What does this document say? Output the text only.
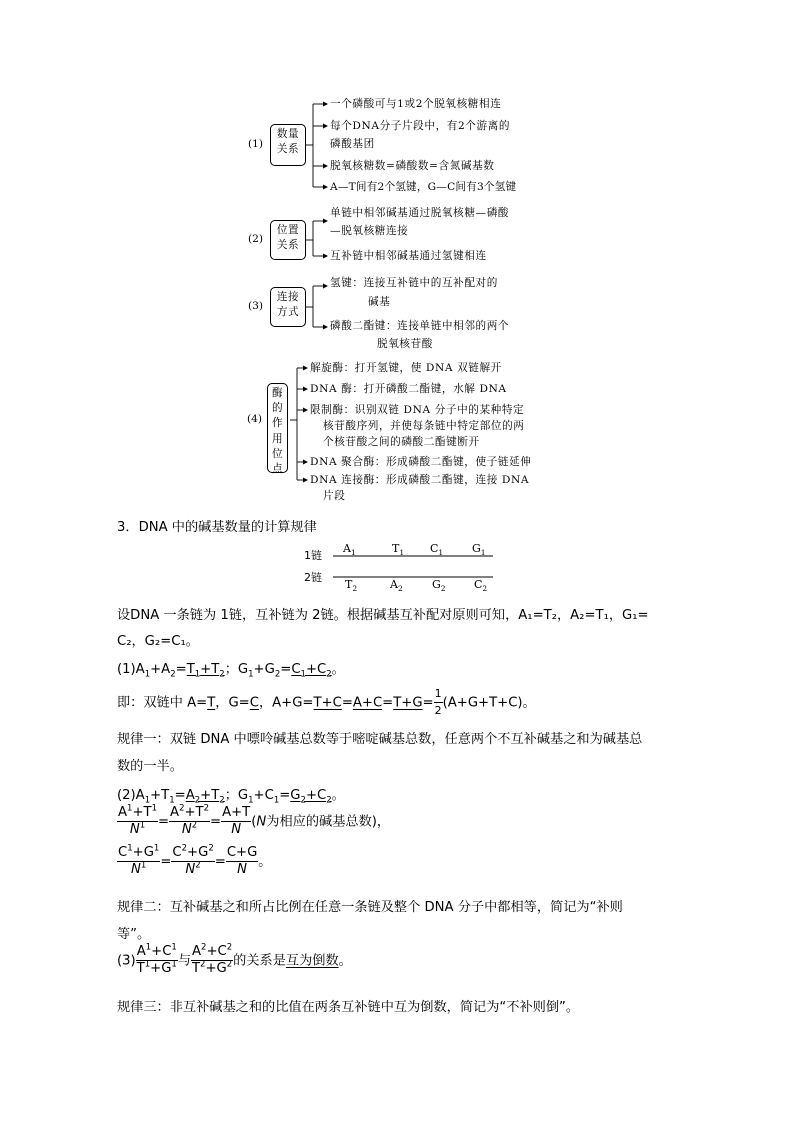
(1)
数量关系
一个磷酸可与1或2个脱氧核糖相连
每个DNA分子片段中，有2个游离的
磷酸基团
脱氧核糖数=磷酸数=含氮碱基数
A—T间有2个氢键，G—C间有3个氢键
(2)
位置关系
单链中相邻碱基通过脱氧核糖—磷酸
—脱氧核糖连接
互补链中相邻碱基通过氢键相连
(3)
连接方式
氢键：连接互补链中的互补配对的
碱基
磷酸二酯键：连接单链中相邻的两个
脱氧核苷酸
(4)
酶的作用位点
解旋酶：打开氢键，使 DNA 双链解开
DNA 酶：打开磷酸二酯键，水解 DNA
限制酶：识别双链 DNA 分子中的某种特定
核苷酸序列，并使每条链中特定部位的两
个核苷酸之间的磷酸二酯键断开
DNA 聚合酶：形成磷酸二酯键，使子链延伸
DNA 连接酶：形成磷酸二酯键，连接 DNA
片段
3．DNA 中的碱基数量的计算规律
1链
2链
$A_1$	$T_1$ $C_1$	$G_1$
$T_2$	$A_2$	$G_2$	$C_2$
设DNA 一条链为 1链，互补链为 2链。根据碱基互补配对原则可知，A₁=T₂，A₂=T₁，G₁=
C₂，G₂=C₁。
$(1)A_1+A_2=T_1+T_2$；$G_1+G_2=C_1+C_2$。
即：双链中 A=T，G=C，$A+G=T+C=A+C=T+G= \frac{1}{2} (A+G+T+C)$。
规律一：双链 DNA 中嘌呤碱基总数等于嘧啶碱基总数，任意两个不互补碱基之和为碱基总
数的一半。
$(2)A_1+T_1=A_2+T_2$；$G_1+C_1=G_2+C_2$。
$\frac{A^1+T^1}{N^1} = \frac{A^2+T^2}{N^2} = \frac{A+T}{N} (N$为相应的碱基总数)，
$\frac{C^1+G^1}{N^1} = \frac{C^2+G^2}{N^2} = \frac{C+G}{N}$ 。
规律二：互补碱基之和所占比例在任意一条链及整个 DNA 分子中都相等，简记为“补则
等”。
$(3) \frac{A^1+C^1}{T^1+G^1}$ 与 $\frac{A^2+C^2}{T^2+G^2}$ 的关系是互为倒数。
规律三：非互补碱基之和的比值在两条互补链中互为倒数，简记为“不补则倒”。
